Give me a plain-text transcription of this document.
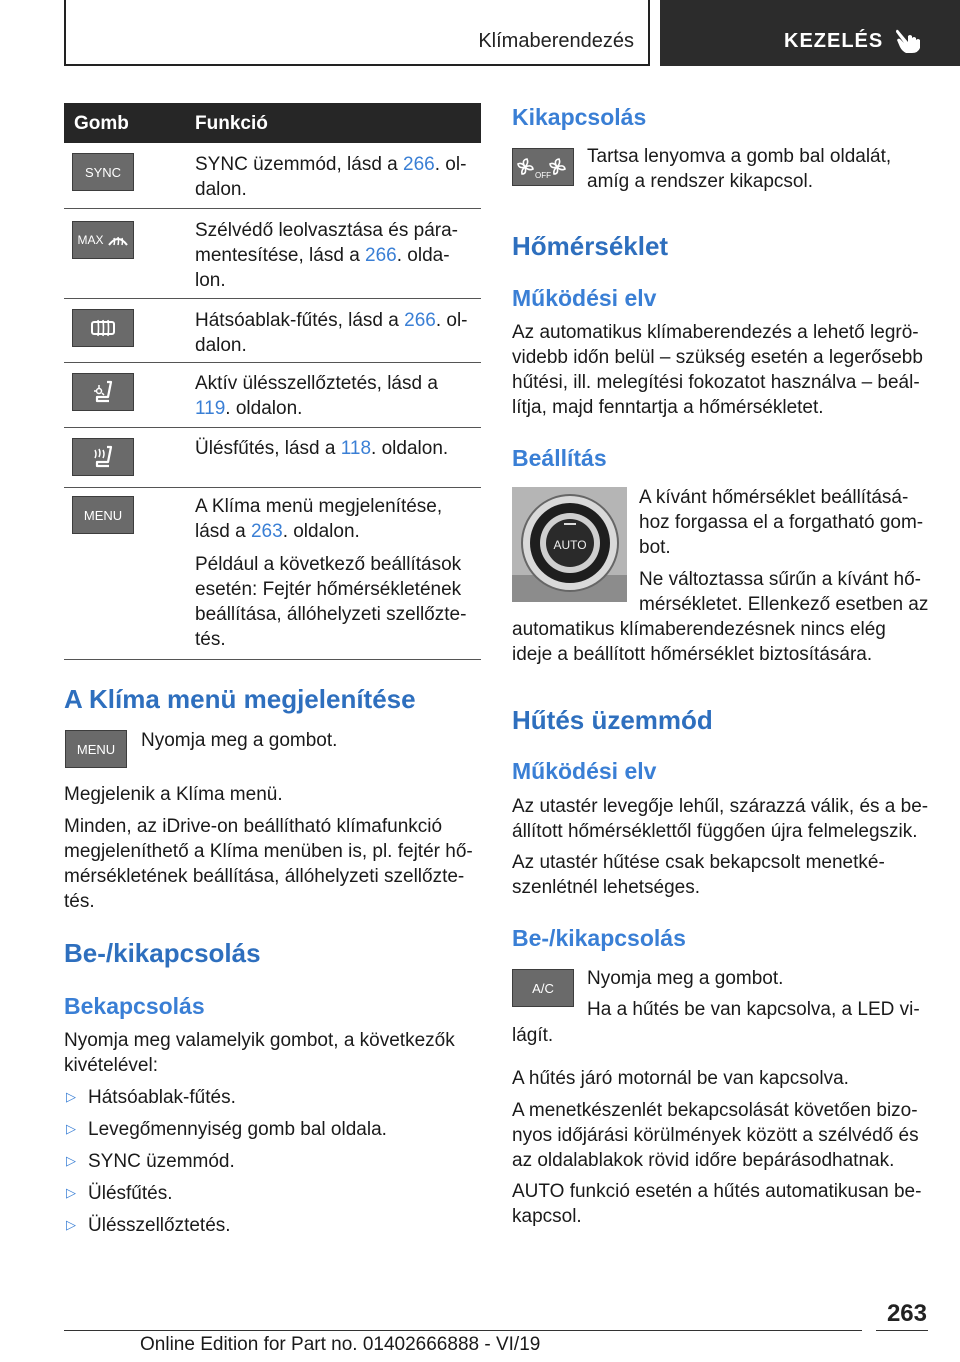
Klímaberendezés	KEZELÉS
Gomb	Funkció
SYNC	SYNC üzemmód, lásd a 266. ol-dalon.
MAX	Szélvédő leolvasztása és pára-mentesítése, lásd a 266. olda-lon.
Hátsóablak-fűtés, lásd a 266. ol-dalon.
Aktív ülésszellőztetés, lásd a 119. oldalon.
Ülésfűtés, lásd a 118. oldalon.
MENU	A Klíma menü megjelenítése, lásd a 263. oldalon.
Például a következő beállítások esetén: Fejtér hőmérsékletének beállítása, állóhelyzeti szellőzte-tés.
A Klíma menü megjelenítése
MENU Nyomja meg a gombot.
Megjelenik a Klíma menü.
Minden, az iDrive-on beállítható klímafunkció megjeleníthető a Klíma menüben is, pl. fejtér hő-mérsékletének beállítása, állóhelyzeti szellőzte-tés.
Be-/kikapcsolás
Bekapcsolás
Nyomja meg valamelyik gombot, a következők kivételével:
▷ Hátsóablak-fűtés.
▷ Levegőmennyiség gomb bal oldala.
▷ SYNC üzemmód.
▷ Ülésfűtés.
▷ Ülésszellőztetés.
Kikapcsolás
OFF
Tartsa lenyomva a gomb bal oldalát, amíg a rendszer kikapcsol.
Hőmérséklet
Működési elv
Az automatikus klímaberendezés a lehető legrö-videbb időn belül – szükség esetén a legerősebb hűtési, ill. melegítési fokozatot használva – beál-lítja, majd fenntartja a hőmérsékletet.
Beállítás
AUTO
A kívánt hőmérséklet beállításá-hoz forgassa el a forgatható gom-bot.
Ne változtassa sűrűn a kívánt hő-mérsékletet. Ellenkező esetben az
automatikus klímaberendezésnek nincs elég ideje a beállított hőmérséklet biztosítására.
Hűtés üzemmód
Működési elv
Az utastér levegője lehűl, szárazzá válik, és a be-állított hőmérséklettől függően újra felmelegszik.
Az utastér hűtése csak bekapcsolt menetké-szenlétnél lehetséges.
Be-/kikapcsolás
A/C Nyomja meg a gombot.
Ha a hűtés be van kapcsolva, a LED vi-
lágít.
A hűtés járó motornál be van kapcsolva.
A menetkészenlét bekapcsolását követően bizo-nyos időjárási körülmények között a szélvédő és az oldalablakok rövid időre bepárásodhatnak.
AUTO funkció esetén a hűtés automatikusan be-kapcsol.
263
Online Edition for Part no. 01402666888 - VI/19
